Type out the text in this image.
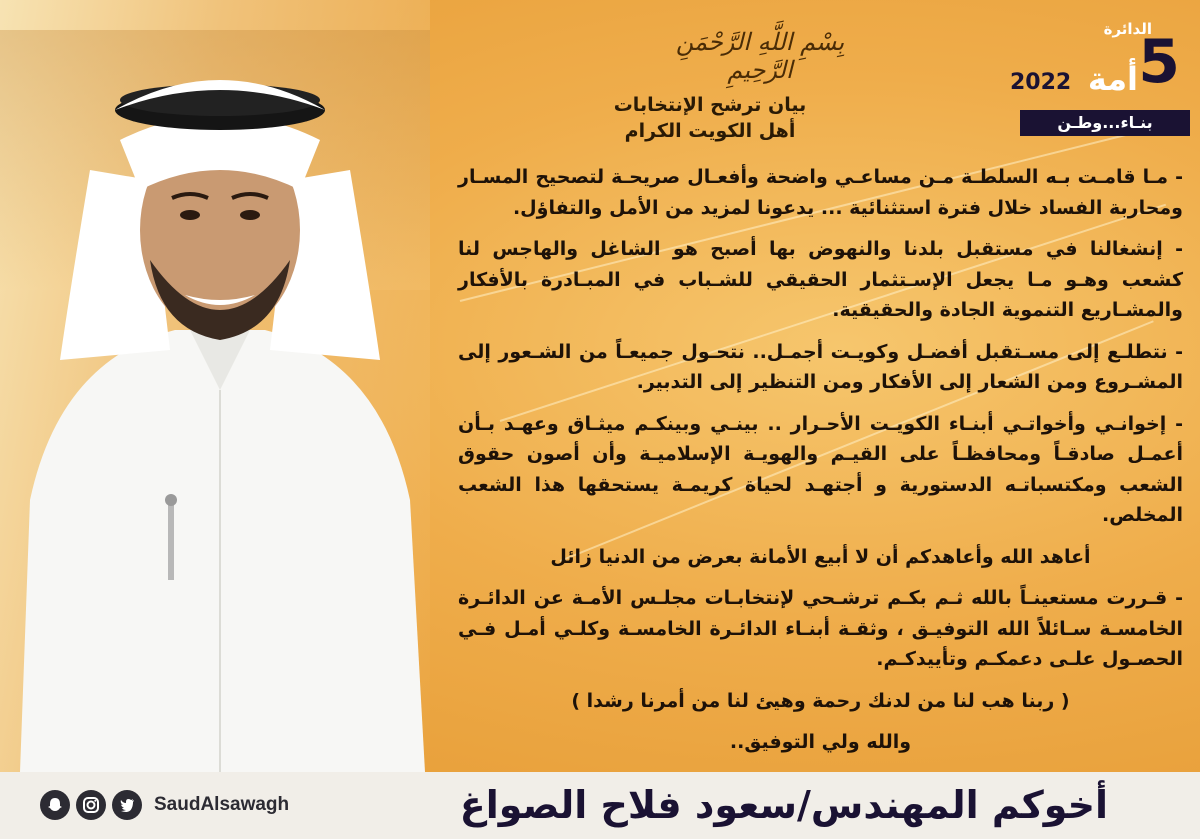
بِسْمِ اللَّهِ الرَّحْمَنِ الرَّحِيمِ
الدائرة
5
أمة
2022
بنـاء...وطـن
بيان ترشح الإنتخابات
أهل الكويت الكرام

- مـا قامـت بـه السلطـة مـن مساعـي واضحة وأفعـال صريحـة لتصحيح المسـار ومحاربة الفساد خلال فترة استثنائية ... يدعونا لمزيد من الأمل والتفاؤل.

- إنشغالنا في مستقبل بلدنا والنهوض بها أصبح هو الشاغل والهاجس لنا كشعب وهـو مـا يجعل الإسـتثمار الحقيقي للشـباب في المبـادرة بالأفكار والمشـاريع التنموية الجادة والحقيقية.

- نتطلـع إلى مسـتقبل أفضـل وكويـت أجمـل.. نتحـول جميعـاً من الشـعور إلى المشـروع ومن الشعار إلى الأفكار ومن التنظير إلى التدبير.

- إخوانـي وأخواتـي أبنـاء الكويـت الأحـرار .. بينـي وبينكـم ميثـاق وعهـد بـأن أعمـل صادقـاً ومحافظـاً على القيـم والهويـة الإسلاميـة وأن أصون حقوق الشعب ومكتسباتـه الدستورية و أجتهـد لحياة كريمـة يستحقها هذا الشعب المخلص.

أعاهد الله وأعاهدكم أن لا أبيع الأمانة بعرض من الدنيا زائل

- قـررت مستعينـاً بالله ثـم بكـم ترشـحي لإنتخابـات مجلـس الأمـة عن الدائـرة الخامسـة سـائلاً الله التوفيـق ، وثقـة أبنـاء الدائـرة الخامسـة وكلـي أمـل فـي الحصـول علـى دعمكـم وتأييدكـم.

( ربنا هب لنا من لدنك رحمة وهيئ لنا من أمرنا رشدا )

والله ولي التوفيق..

SaudAlsawagh	أخوكم المهندس/سعود فلاح الصواغ
